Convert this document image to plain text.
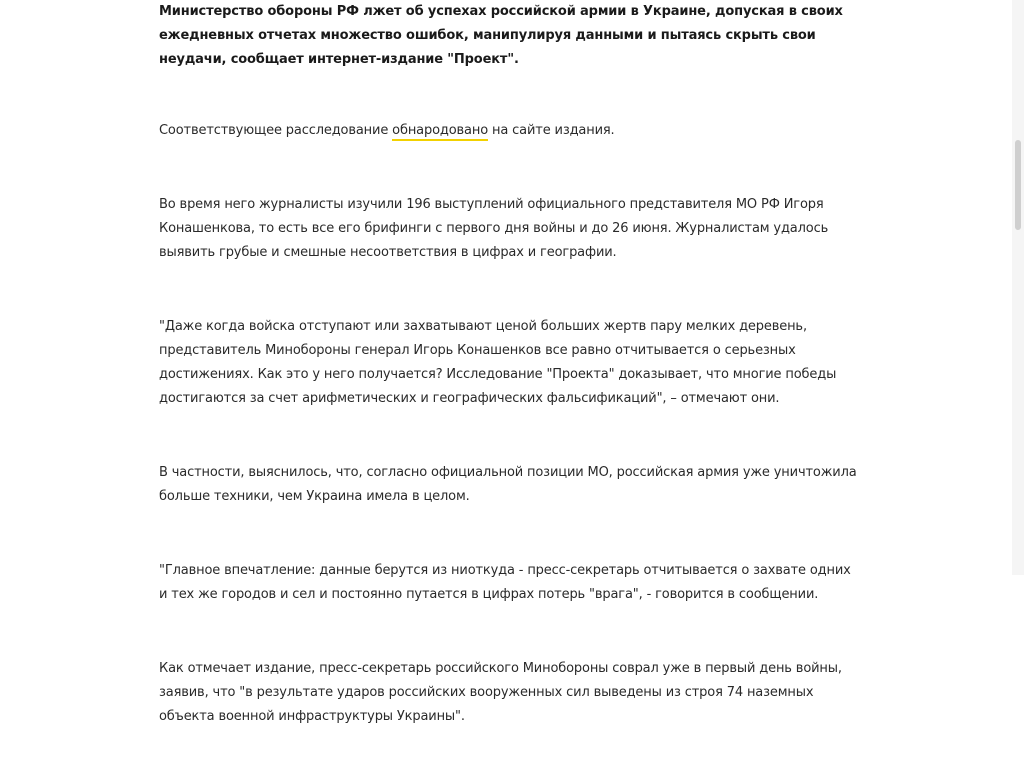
Министерство обороны РФ лжет об успехах российской армии в Украине, допуская в своих ежедневных отчетах множество ошибок, манипулируя данными и пытаясь скрыть свои неудачи, сообщает интернет-издание "Проект".

Соответствующее расследование обнародовано на сайте издания.

Во время него журналисты изучили 196 выступлений официального представителя МО РФ Игоря Конашенкова, то есть все его брифинги с первого дня войны и до 26 июня. Журналистам удалось выявить грубые и смешные несоответствия в цифрах и географии.

"Даже когда войска отступают или захватывают ценой больших жертв пару мелких деревень, представитель Минобороны генерал Игорь Конашенков все равно отчитывается о серьезных достижениях. Как это у него получается? Исследование "Проекта" доказывает, что многие победы достигаются за счет арифметических и географических фальсификаций", – отмечают они.

В частности, выяснилось, что, согласно официальной позиции МО, российская армия уже уничтожила больше техники, чем Украина имела в целом.

"Главное впечатление: данные берутся из ниоткуда - пресс-секретарь отчитывается о захвате одних и тех же городов и сел и постоянно путается в цифрах потерь "врага", - говорится в сообщении.

Как отмечает издание, пресс-секретарь российского Минобороны соврал уже в первый день войны, заявив, что "в результате ударов российских вооруженных сил выведены из строя 74 наземных объекта военной инфраструктуры Украины".
